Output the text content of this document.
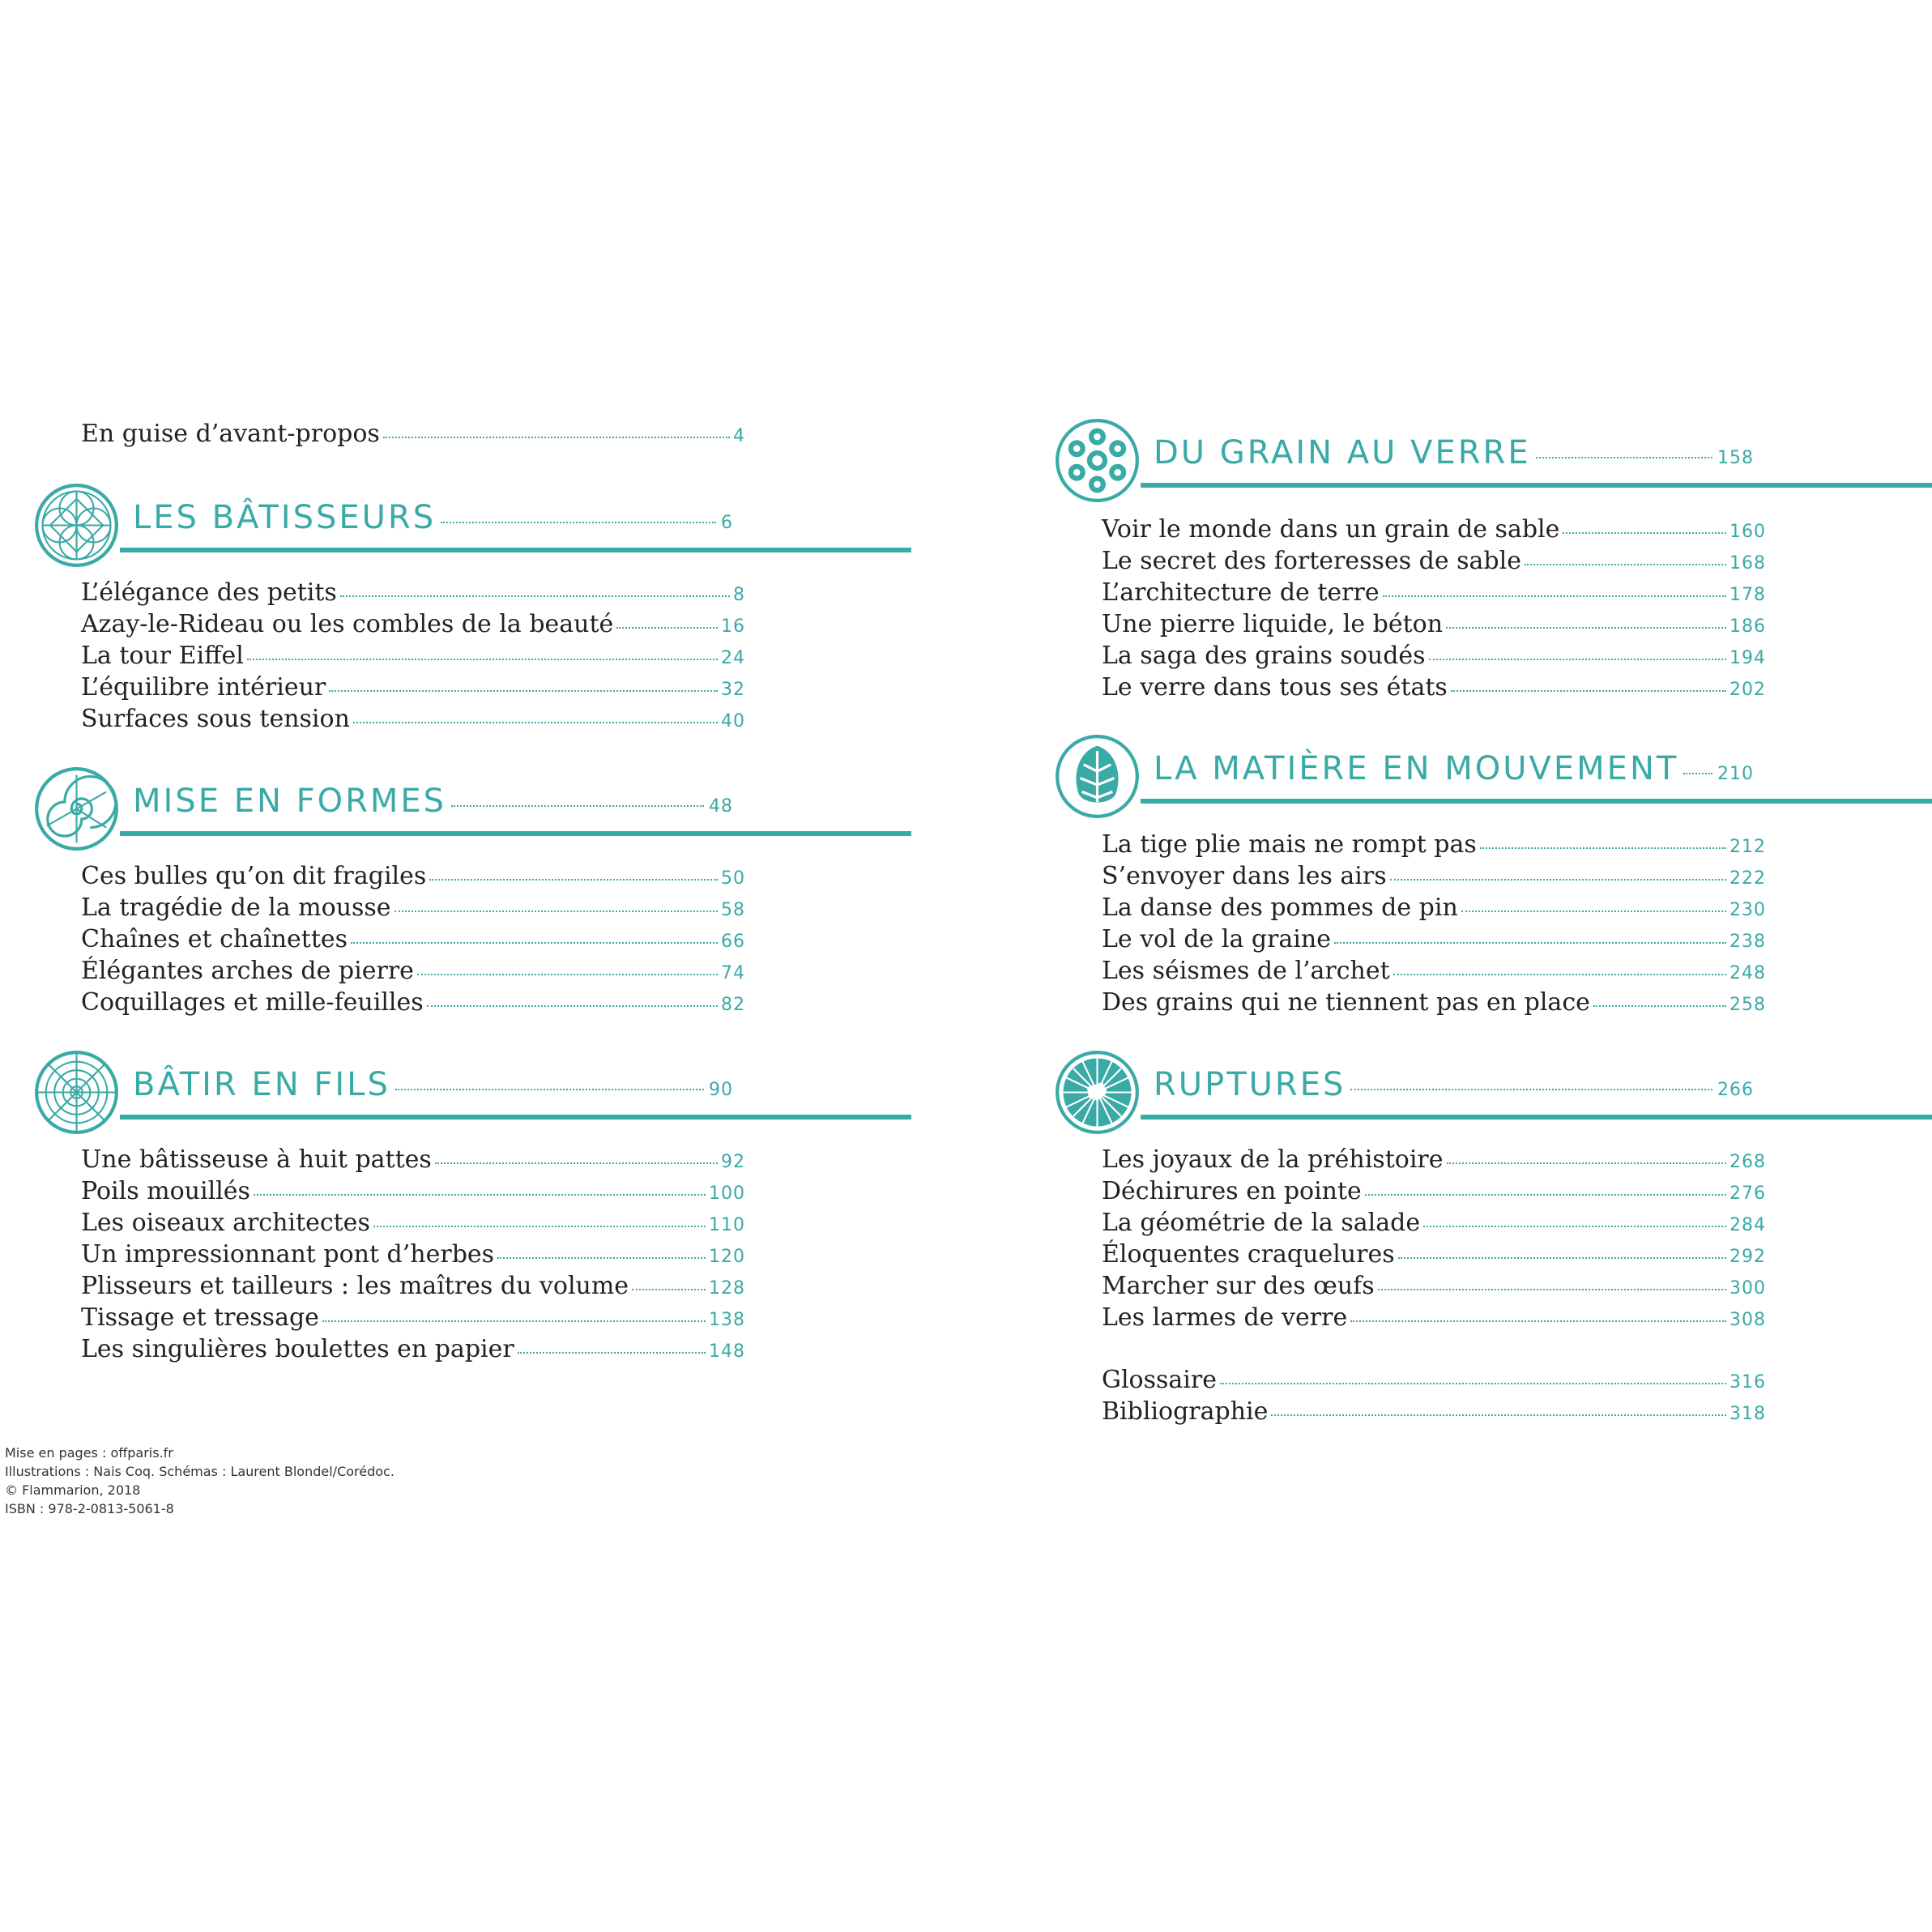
En guise d’avant-propos	4
LES BÂTISSEURS	6
L’élégance des petits	8
Azay-le-Rideau ou les combles de la beauté	16
La tour Eiffel	24
L’équilibre intérieur	32
Surfaces sous tension	40
MISE EN FORMES	48
Ces bulles qu’on dit fragiles	50
La tragédie de la mousse	58
Chaînes et chaînettes	66
Élégantes arches de pierre	74
Coquillages et mille-feuilles	82
BÂTIR EN FILS	90
Une bâtisseuse à huit pattes	92
Poils mouillés	100
Les oiseaux architectes	110
Un impressionnant pont d’herbes	120
Plisseurs et tailleurs : les maîtres du volume	128
Tissage et tressage	138
Les singulières boulettes en papier	148
DU GRAIN AU VERRE	158
Voir le monde dans un grain de sable	160
Le secret des forteresses de sable	168
L’architecture de terre	178
Une pierre liquide, le béton	186
La saga des grains soudés	194
Le verre dans tous ses états	202
LA MATIÈRE EN MOUVEMENT 210
La tige plie mais ne rompt pas	212
S’envoyer dans les airs	222
La danse des pommes de pin	230
Le vol de la graine	238
Les séismes de l’archet	248
Des grains qui ne tiennent pas en place	258
RUPTURES	266
Les joyaux de la préhistoire	268
Déchirures en pointe	276
La géométrie de la salade	284
Éloquentes craquelures	292
Marcher sur des œufs	300
Les larmes de verre	308
Glossaire	316
Bibliographie	318
Mise en pages : offparis.fr
Illustrations : Nais Coq. Schémas : Laurent Blondel/Corédoc.
© Flammarion, 2018
ISBN : 978-2-0813-5061-8
